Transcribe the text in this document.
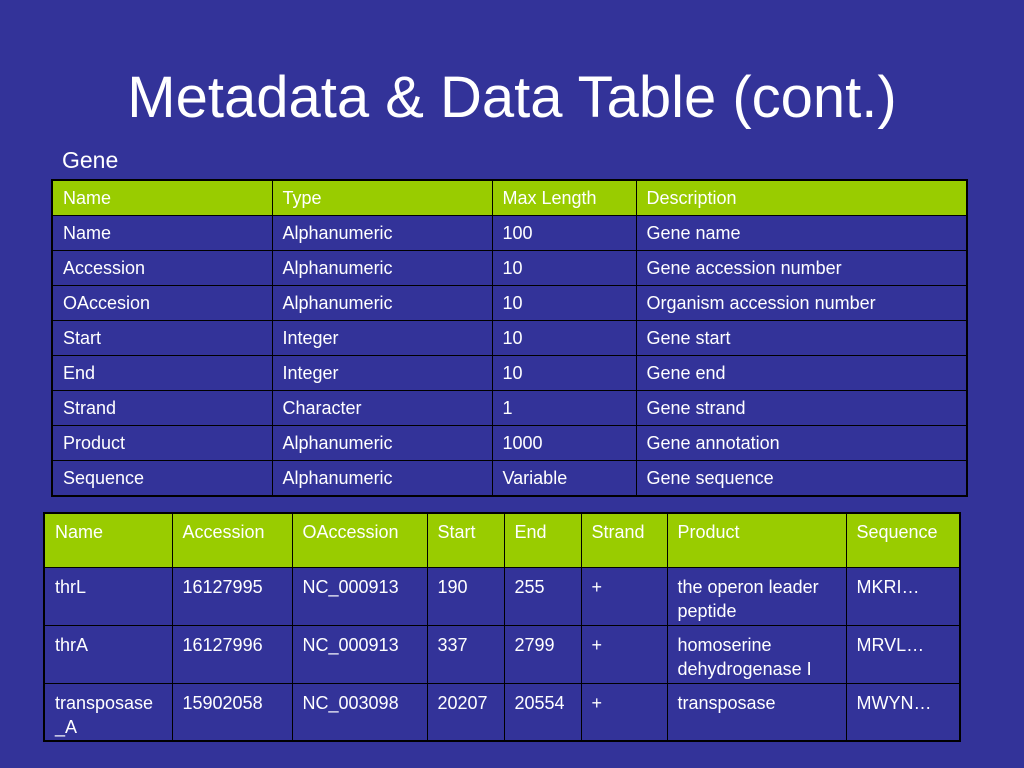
Metadata & Data Table (cont.)
Gene
Name	Type	Max Length	Description
Name	Alphanumeric	100	Gene name
Accession	Alphanumeric	10	Gene accession number
OAccesion	Alphanumeric	10	Organism accession number
Start	Integer	10	Gene start
End	Integer	10	Gene end
Strand	Character	1	Gene strand
Product	Alphanumeric	1000	Gene annotation
Sequence	Alphanumeric	Variable	Gene sequence
Name	Accession	OAccession	Start	End	Strand	Product	Sequence
thrL	16127995	NC_000913	190	255	+	the operon leader peptide	MKRI…
thrA	16127996	NC_000913	337	2799	+	homoserine dehydrogenase I	MRVL…
transposase_A	15902058	NC_003098	20207	20554	+	transposase	MWYN…
